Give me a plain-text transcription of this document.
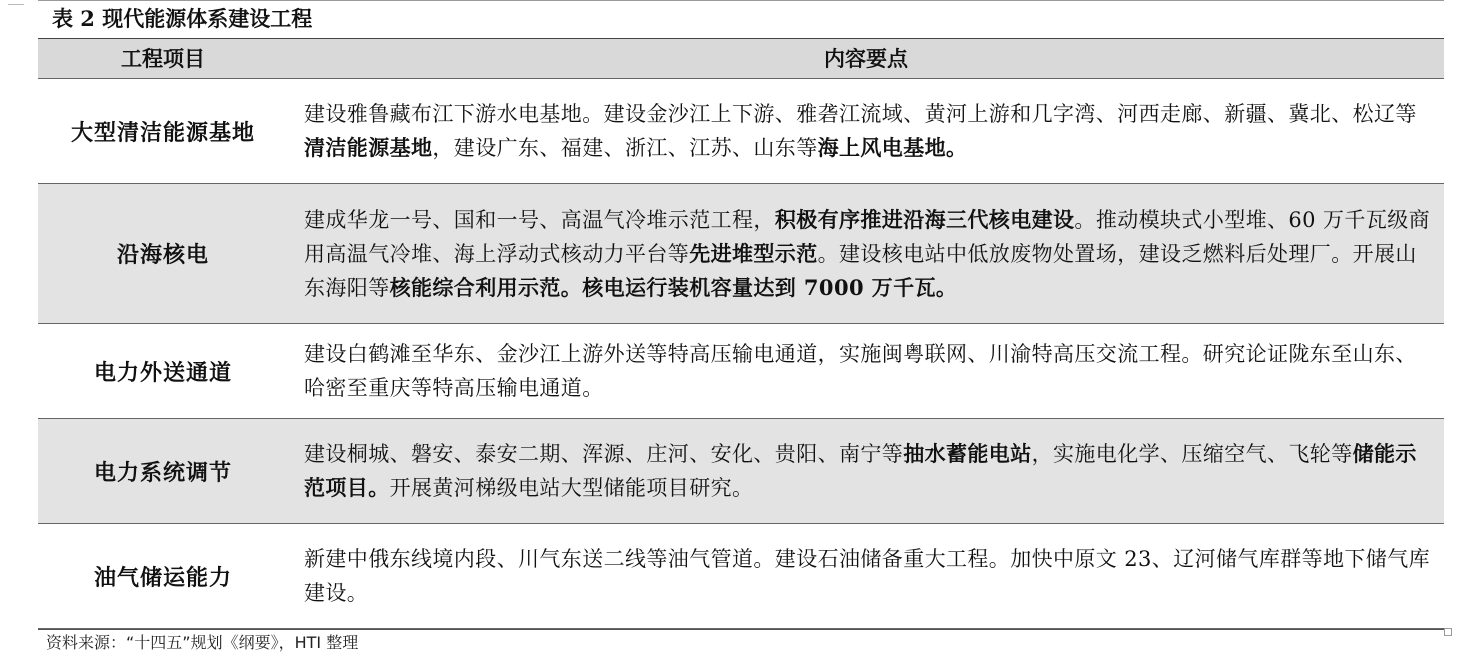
表 2 现代能源体系建设工程
工程项目	内容要点
大型清洁能源基地
建设雅鲁藏布江下游水电基地。建设金沙江上下游、雅砻江流域、黄河上游和几字湾、河西走廊、新疆、冀北、松辽等清洁能源基地，建设广东、福建、浙江、江苏、山东等海上风电基地。
沿海核电
建成华龙一号、国和一号、高温气冷堆示范工程，积极有序推进沿海三代核电建设。推动模块式小型堆、60 万千瓦级商用高温气冷堆、海上浮动式核动力平台等先进堆型示范。建设核电站中低放废物处置场，建设乏燃料后处理厂。开展山东海阳等核能综合利用示范。核电运行装机容量达到 7000 万千瓦。
电力外送通道
建设白鹤滩至华东、金沙江上游外送等特高压输电通道，实施闽粤联网、川渝特高压交流工程。研究论证陇东至山东、哈密至重庆等特高压输电通道。
电力系统调节
建设桐城、磐安、泰安二期、浑源、庄河、安化、贵阳、南宁等抽水蓄能电站，实施电化学、压缩空气、飞轮等储能示范项目。开展黄河梯级电站大型储能项目研究。
油气储运能力
新建中俄东线境内段、川气东送二线等油气管道。建设石油储备重大工程。加快中原文 23、辽河储气库群等地下储气库建设。
资料来源：“十四五”规划《纲要》，HTI 整理
